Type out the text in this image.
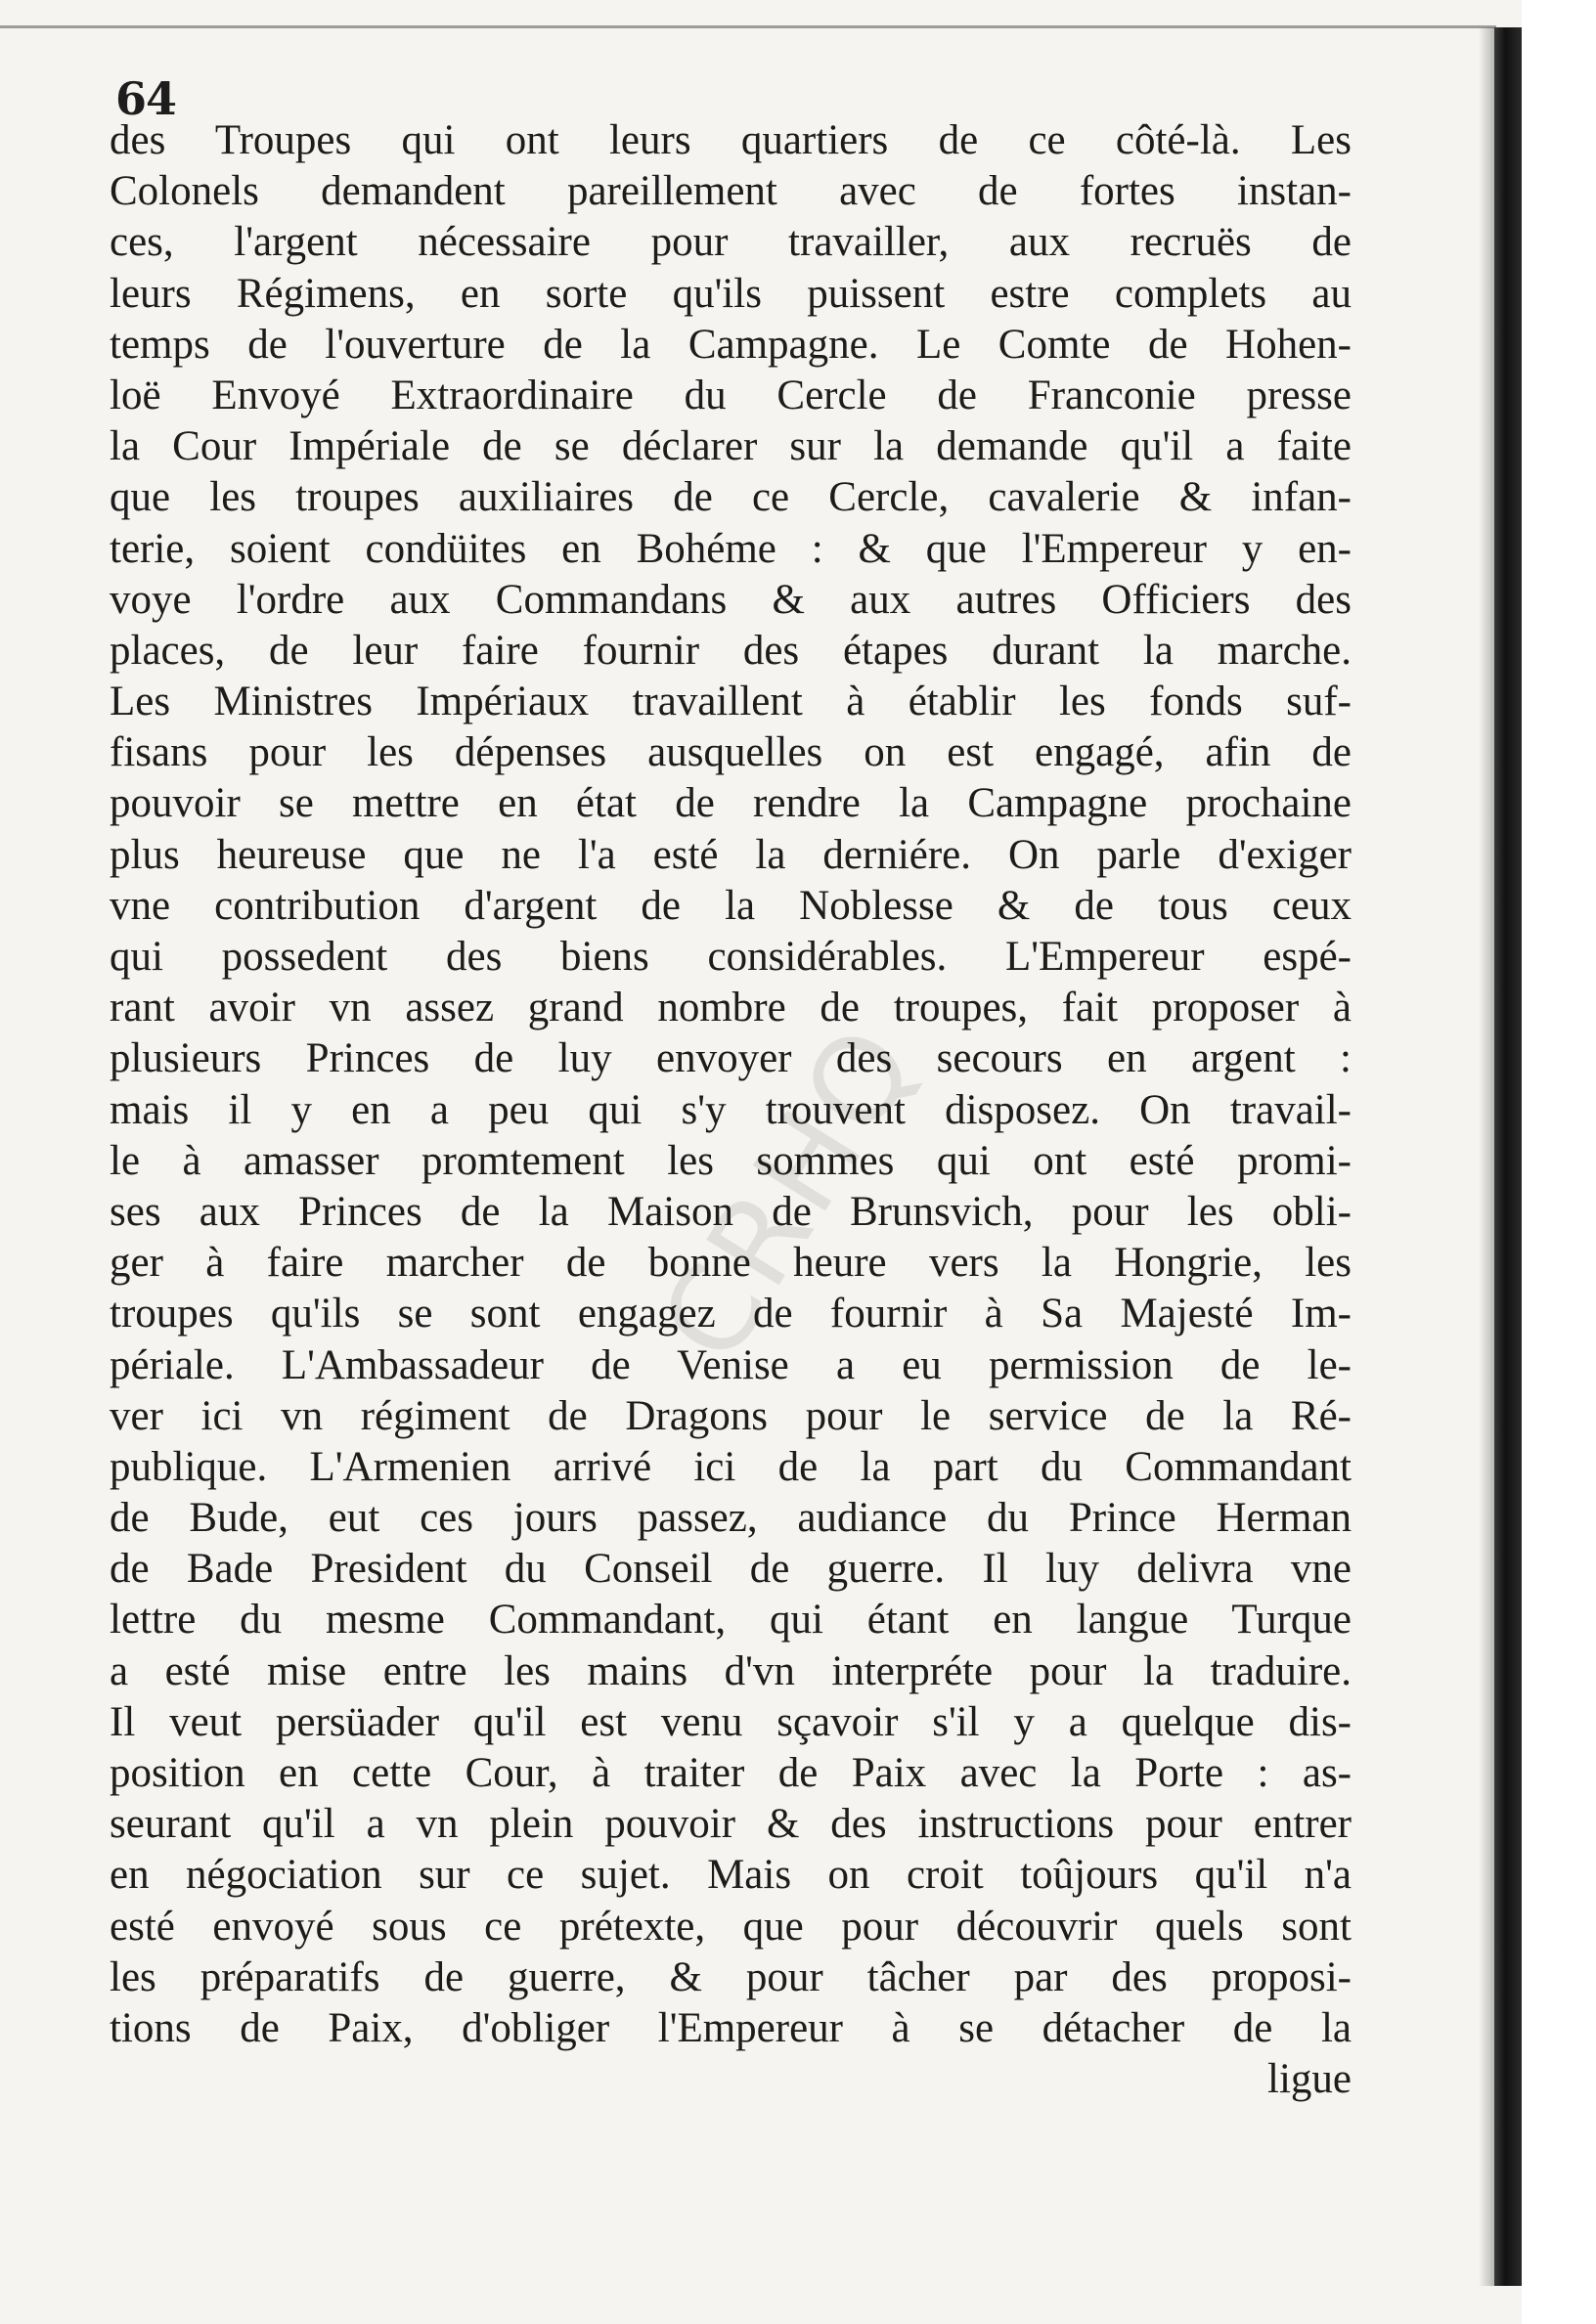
64
CRHQ
des Troupes qui ont leurs quartiers de ce côté-là. Les
Colonels demandent pareillement avec de fortes instan-
ces, l'argent nécessaire pour travailler, aux recruës de
leurs Régimens, en sorte qu'ils puissent estre complets au
temps de l'ouverture de la Campagne. Le Comte de Hohen-
loë Envoyé Extraordinaire du Cercle de Franconie presse
la Cour Impériale de se déclarer sur la demande qu'il a faite
que les troupes auxiliaires de ce Cercle, cavalerie & infan-
terie, soient condüites en Bohéme : & que l'Empereur y en-
voye l'ordre aux Commandans & aux autres Officiers des
places, de leur faire fournir des étapes durant la marche.
Les Ministres Impériaux travaillent à établir les fonds suf-
fisans pour les dépenses ausquelles on est engagé, afin de
pouvoir se mettre en état de rendre la Campagne prochaine
plus heureuse que ne l'a esté la derniére. On parle d'exiger
vne contribution d'argent de la Noblesse & de tous ceux
qui possedent des biens considérables. L'Empereur espé-
rant avoir vn assez grand nombre de troupes, fait proposer à
plusieurs Princes de luy envoyer des secours en argent :
mais il y en a peu qui s'y trouvent disposez. On travail-
le à amasser promtement les sommes qui ont esté promi-
ses aux Princes de la Maison de Brunsvich, pour les obli-
ger à faire marcher de bonne heure vers la Hongrie, les
troupes qu'ils se sont engagez de fournir à Sa Majesté Im-
périale. L'Ambassadeur de Venise a eu permission de le-
ver ici vn régiment de Dragons pour le service de la Ré-
publique. L'Armenien arrivé ici de la part du Commandant
de Bude, eut ces jours passez, audiance du Prince Herman
de Bade President du Conseil de guerre. Il luy delivra vne
lettre du mesme Commandant, qui étant en langue Turque
a esté mise entre les mains d'vn interpréte pour la traduire.
Il veut persüader qu'il est venu sçavoir s'il y a quelque dis-
position en cette Cour, à traiter de Paix avec la Porte : as-
seurant qu'il a vn plein pouvoir & des instructions pour entrer
en négociation sur ce sujet. Mais on croit toûjours qu'il n'a
esté envoyé sous ce prétexte, que pour découvrir quels sont
les préparatifs de guerre, & pour tâcher par des proposi-
tions de Paix, d'obliger l'Empereur à se détacher de la
ligue
